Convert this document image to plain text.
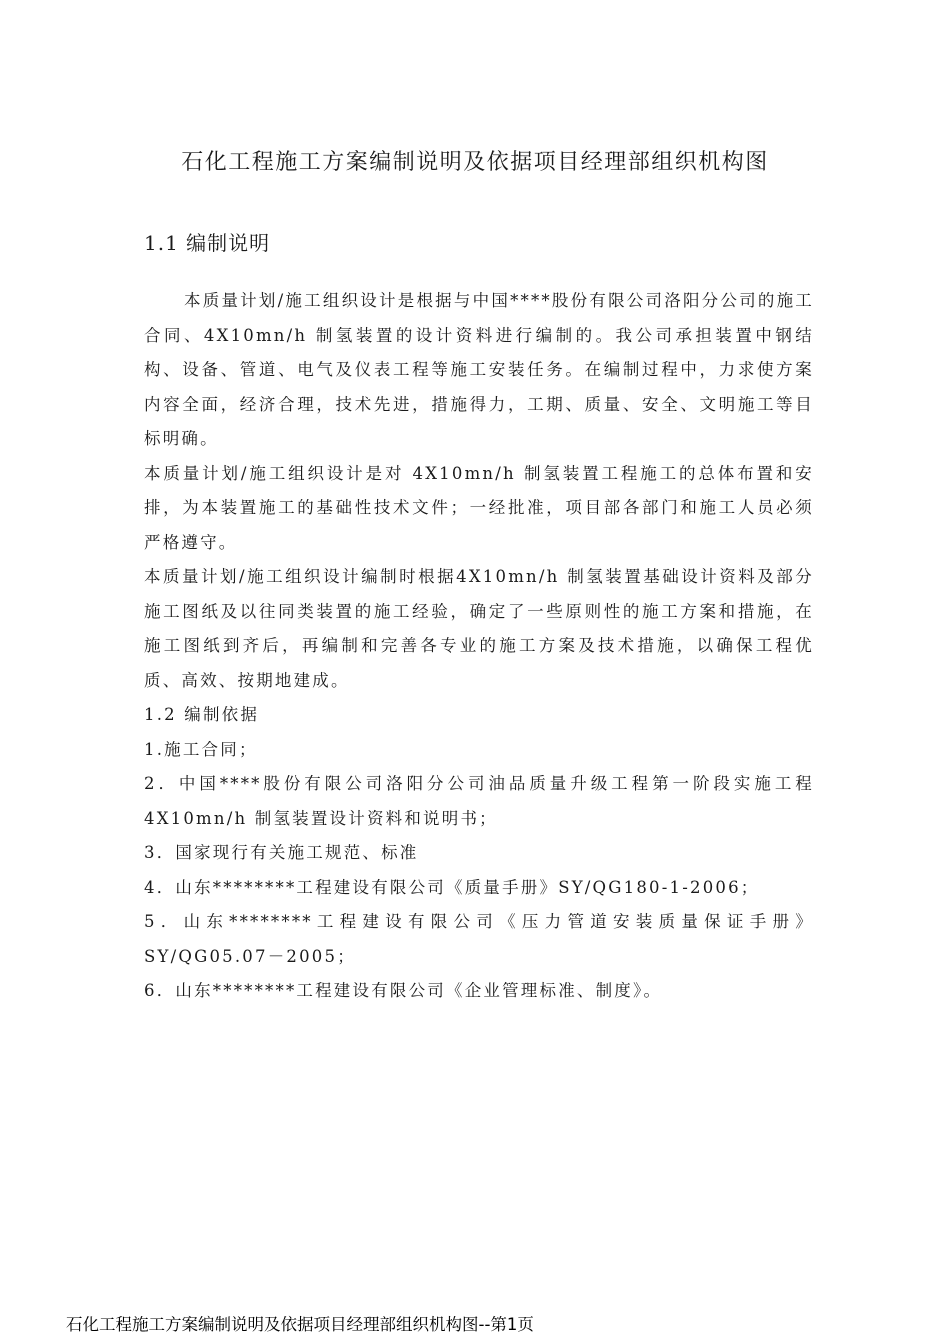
石化工程施工方案编制说明及依据项目经理部组织机构图
1.1 编制说明

本质量计划/施工组织设计是根据与中国****股份有限公司洛阳分公司的施工合同、4X10mn/h 制氢装置的设计资料进行编制的。我公司承担装置中钢结构、设备、管道、电气及仪表工程等施工安装任务。在编制过程中，力求使方案内容全面，经济合理，技术先进，措施得力，工期、质量、安全、文明施工等目标明确。

本质量计划/施工组织设计是对 4X10mn/h 制氢装置工程施工的总体布置和安排，为本装置施工的基础性技术文件；一经批准，项目部各部门和施工人员必须严格遵守。

本质量计划/施工组织设计编制时根据4X10mn/h 制氢装置基础设计资料及部分施工图纸及以往同类装置的施工经验，确定了一些原则性的施工方案和措施，在施工图纸到齐后，再编制和完善各专业的施工方案及技术措施，以确保工程优质、高效、按期地建成。

1.2 编制依据

1.施工合同；

2．中国****股份有限公司洛阳分公司油品质量升级工程第一阶段实施工程4X10mn/h 制氢装置设计资料和说明书；

3．国家现行有关施工规范、标准

4．山东********工程建设有限公司《质量手册》SY/QG180-1-2006；

5．山东********工程建设有限公司《压力管道安装质量保证手册》SY/QG05.07－2005；

6．山东********工程建设有限公司《企业管理标准、制度》。

石化工程施工方案编制说明及依据项目经理部组织机构图--第1页
